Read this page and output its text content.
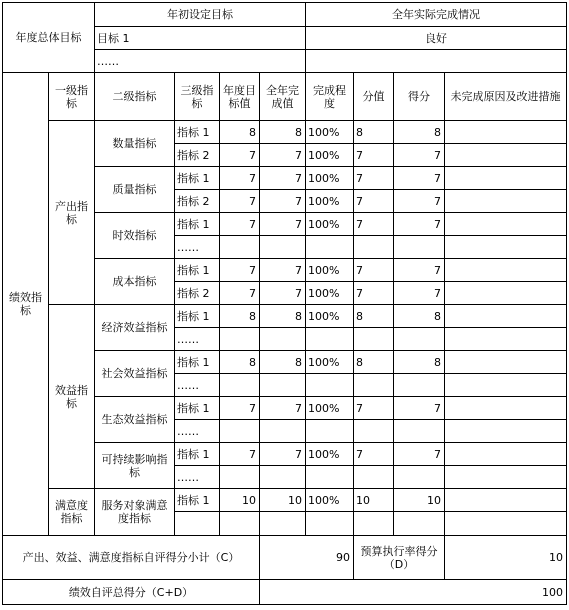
年度总体目标		年初设定目标				全年实际完成情况			
		目标 1				良好			
		……							
绩效指标	一级指标	二级指标	三级指标	年度目标值	全年完成值	完成程度	分值	得分	未完成原因及改进措施
	产出指标	数量指标	指标 1	8	8	100%	8	8	
			指标 2	7	7	100%	7	7	
		质量指标	指标 1	7	7	100%	7	7	
			指标 2	7	7	100%	7	7	
		时效指标	指标 1	7	7	100%	7	7	
			……						
		成本指标	指标 1	7	7	100%	7	7	
			指标 2	7	7	100%	7	7	
	效益指标	经济效益指标	指标 1	8	8	100%	8	8	
			……						
		社会效益指标	指标 1	8	8	100%	8	8	
			……						
		生态效益指标	指标 1	7	7	100%	7	7	
			……						
		可持续影响指标	指标 1	7	7	100%	7	7	
			……						
	满意度指标	服务对象满意度指标	指标 1	10	10	100%	10	10	

产出、效益、满意度指标自评得分小计（C）					90		预算执行率得分（D）		10
绩效自评总得分（C+D）					100				
